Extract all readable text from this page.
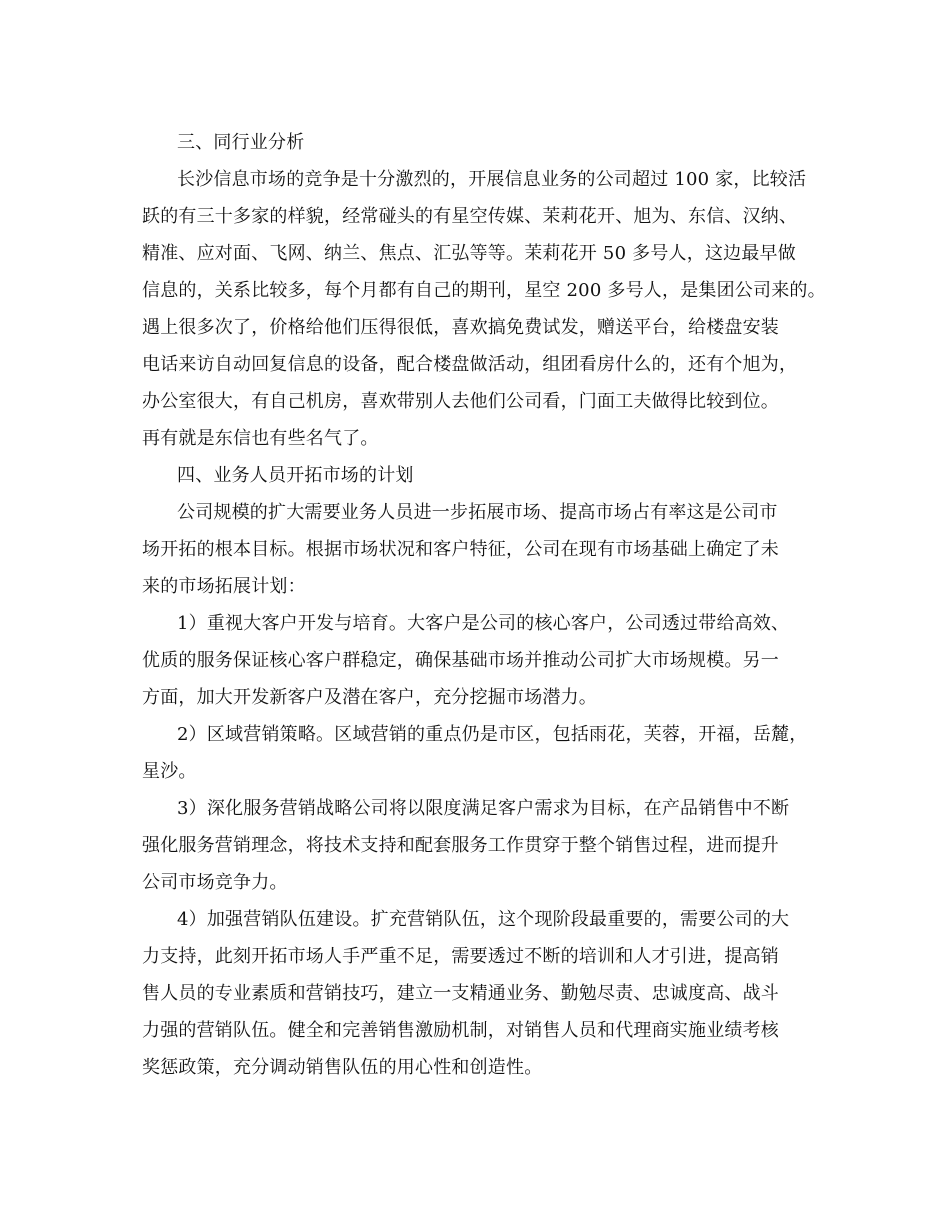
三、同行业分析
长沙信息市场的竞争是十分激烈的，开展信息业务的公司超过 100 家，比较活
跃的有三十多家的样貌，经常碰头的有星空传媒、茉莉花开、旭为、东信、汉纳、
精准、应对面、飞网、纳兰、焦点、汇弘等等。茉莉花开 50 多号人，这边最早做
信息的，关系比较多，每个月都有自己的期刊，星空 200 多号人，是集团公司来的。
遇上很多次了，价格给他们压得很低，喜欢搞免费试发，赠送平台，给楼盘安装
电话来访自动回复信息的设备，配合楼盘做活动，组团看房什么的，还有个旭为，
办公室很大，有自己机房，喜欢带别人去他们公司看，门面工夫做得比较到位。
再有就是东信也有些名气了。
四、业务人员开拓市场的计划
公司规模的扩大需要业务人员进一步拓展市场、提高市场占有率这是公司市
场开拓的根本目标。根据市场状况和客户特征，公司在现有市场基础上确定了未
来的市场拓展计划：
1）重视大客户开发与培育。大客户是公司的核心客户，公司透过带给高效、
优质的服务保证核心客户群稳定，确保基础市场并推动公司扩大市场规模。另一
方面，加大开发新客户及潜在客户，充分挖掘市场潜力。
2）区域营销策略。区域营销的重点仍是市区，包括雨花，芙蓉，开福，岳麓，
星沙。
3）深化服务营销战略公司将以限度满足客户需求为目标，在产品销售中不断
强化服务营销理念，将技术支持和配套服务工作贯穿于整个销售过程，进而提升
公司市场竞争力。
4）加强营销队伍建设。扩充营销队伍，这个现阶段最重要的，需要公司的大
力支持，此刻开拓市场人手严重不足，需要透过不断的培训和人才引进，提高销
售人员的专业素质和营销技巧，建立一支精通业务、勤勉尽责、忠诚度高、战斗
力强的营销队伍。健全和完善销售激励机制，对销售人员和代理商实施业绩考核
奖惩政策，充分调动销售队伍的用心性和创造性。
